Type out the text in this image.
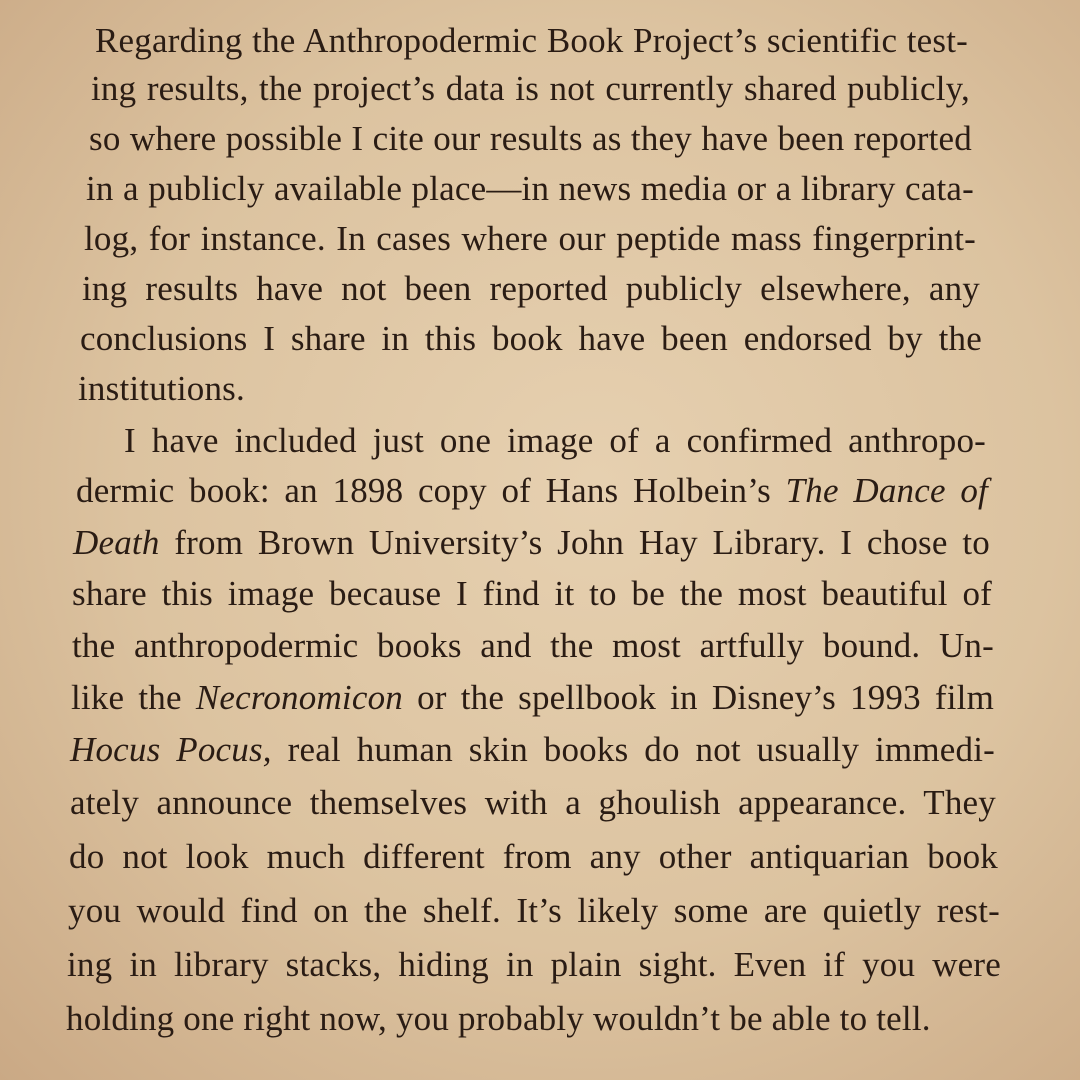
Regarding the Anthropodermic Book Project’s scientific test-
ing results, the project’s data is not currently shared publicly,
so where possible I cite our results as they have been reported
in a publicly available place—in news media or a library cata-
log, for instance. In cases where our peptide mass fingerprint-
ing results have not been reported publicly elsewhere, any
conclusions I share in this book have been endorsed by the
institutions.
I have included just one image of a confirmed anthropo-
dermic book: an 1898 copy of Hans Holbein’s The Dance of
Death from Brown University’s John Hay Library. I chose to
share this image because I find it to be the most beautiful of
the anthropodermic books and the most artfully bound. Un-
like the Necronomicon or the spellbook in Disney’s 1993 film
Hocus Pocus, real human skin books do not usually immedi-
ately announce themselves with a ghoulish appearance. They
do not look much different from any other antiquarian book
you would find on the shelf. It’s likely some are quietly rest-
ing in library stacks, hiding in plain sight. Even if you were
holding one right now, you probably wouldn’t be able to tell.
